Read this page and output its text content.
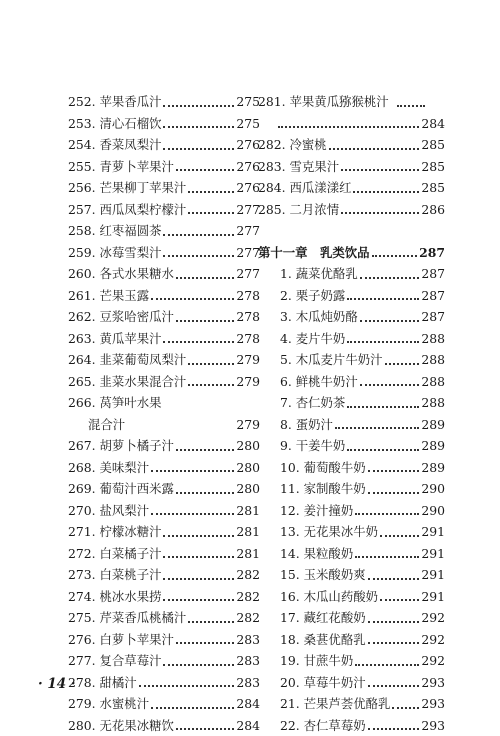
252. 苹果香瓜汁	275
253. 清心石榴饮	275
254. 香菜凤梨汁	276
255. 青萝卜苹果汁	276
256. 芒果柳丁苹果汁	276
257. 西瓜凤梨柠檬汁	277
258. 红枣福圆茶	277
259. 冰莓雪梨汁	277
260. 各式水果糖水	277
261. 芒果玉露	278
262. 豆浆哈密瓜汁	278
263. 黄瓜苹果汁	278
264. 韭菜葡萄凤梨汁	279
265. 韭菜水果混合汁	279
266. 莴笋叶水果
混合汁	279
267. 胡萝卜橘子汁	280
268. 美味梨汁	280
269. 葡萄汁西米露	280
270. 盐风梨汁	281
271. 柠檬冰糖汁	281
272. 白菜橘子汁	281
273. 白菜桃子汁	282
274. 桃冰水果捞	282
275. 芹菜香瓜桃橘汁	282
276. 白萝卜苹果汁	283
277. 复合草莓汁	283
278. 甜橘汁	283
279. 水蜜桃汁	284
280. 无花果冰糖饮	284
281. 苹果黄瓜猕猴桃汁
284
282. 冷蜜桃	285
283. 雪克果汁	285
284. 西瓜漾漾红	285
285. 二月浓情	286
第十一章　乳类饮品	287
1. 蔬菜优酪乳	287
2. 栗子奶露	287
3. 木瓜炖奶酪	287
4. 麦片牛奶	288
5. 木瓜麦片牛奶汁	288
6. 鲜桃牛奶汁	288
7. 杏仁奶茶	288
8. 蛋奶汁	289
9. 干姜牛奶	289
10. 葡萄酸牛奶	289
11. 家制酸牛奶	290
12. 姜汁撞奶	290
13. 无花果冰牛奶	291
14. 果粒酸奶	291
15. 玉米酸奶爽	291
16. 木瓜山药酸奶	291
17. 藏红花酸奶	292
18. 桑葚优酪乳	292
19. 甘蔗牛奶	292
20. 草莓牛奶汁	293
21. 芒果芦荟优酪乳 293
22. 杏仁草莓奶	293
· 14 ·
